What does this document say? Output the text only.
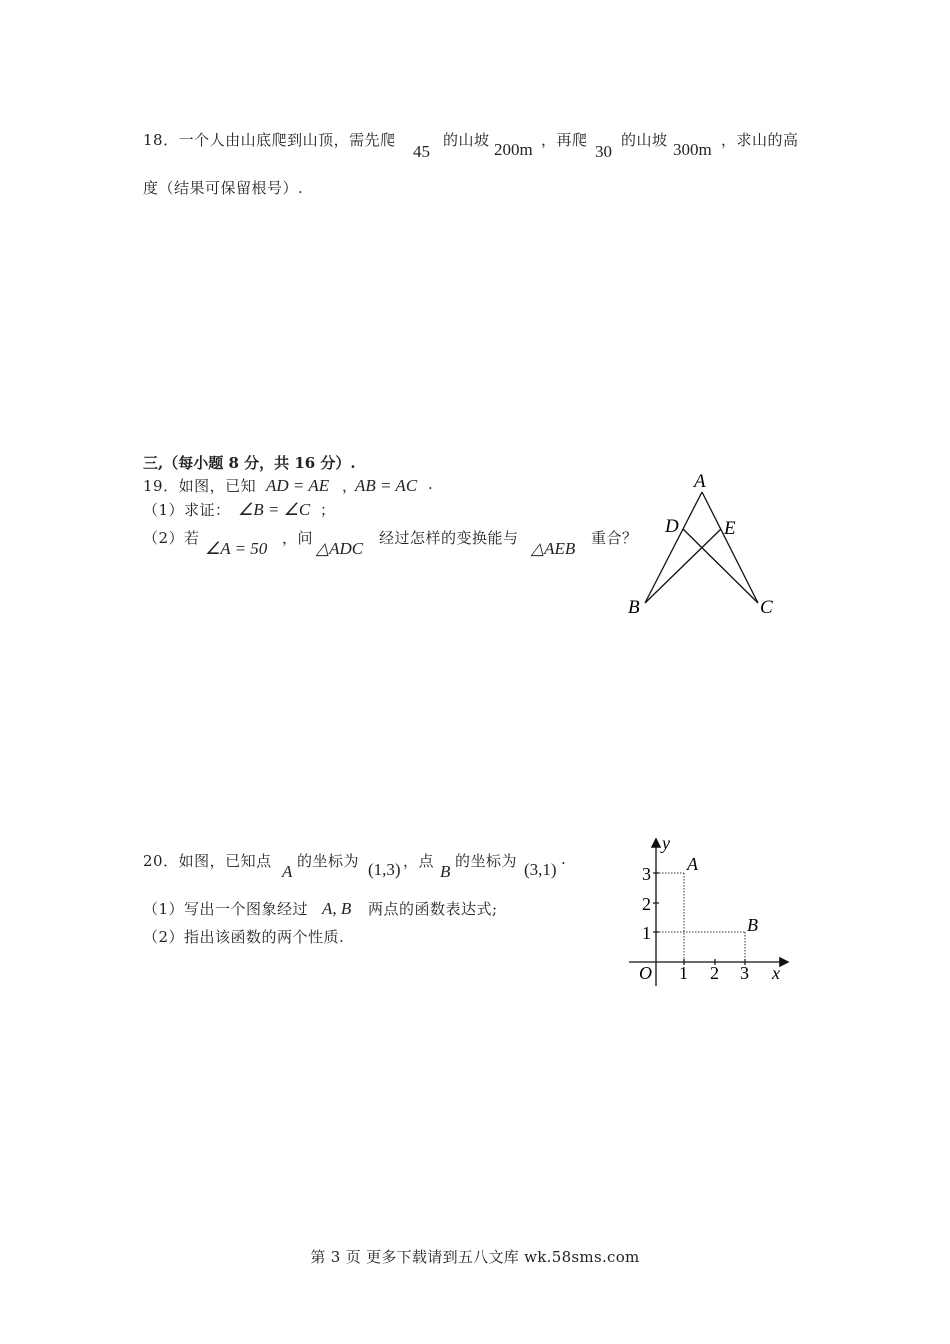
18．一个人由山底爬到山顶，需先爬
45
的山坡 200m ，再爬
30
的山坡 300m ，求山的高
度（结果可保留根号）.
三,（每小题 8 分，共 16 分）.
19．如图，已知 AD = AE ，
AB = AC .
（1）求证： ∠B = ∠C ；
（2）若
∠A = 50
，问
△ADC
经过怎样的变换能与
△AEB
重合？
A
D E
B	C
20．如图，已知点
A
的坐标为 (1,3) ，点
B
的坐标为 (3,1)
.
（1）写出一个图象经过 A, B 两点的函数表达式;
（2）指出该函数的两个性质.
y
x
O 1 2 3
1
2
3 A
B
第 3 页 更多下载请到五八文库 wk.58sms.com
